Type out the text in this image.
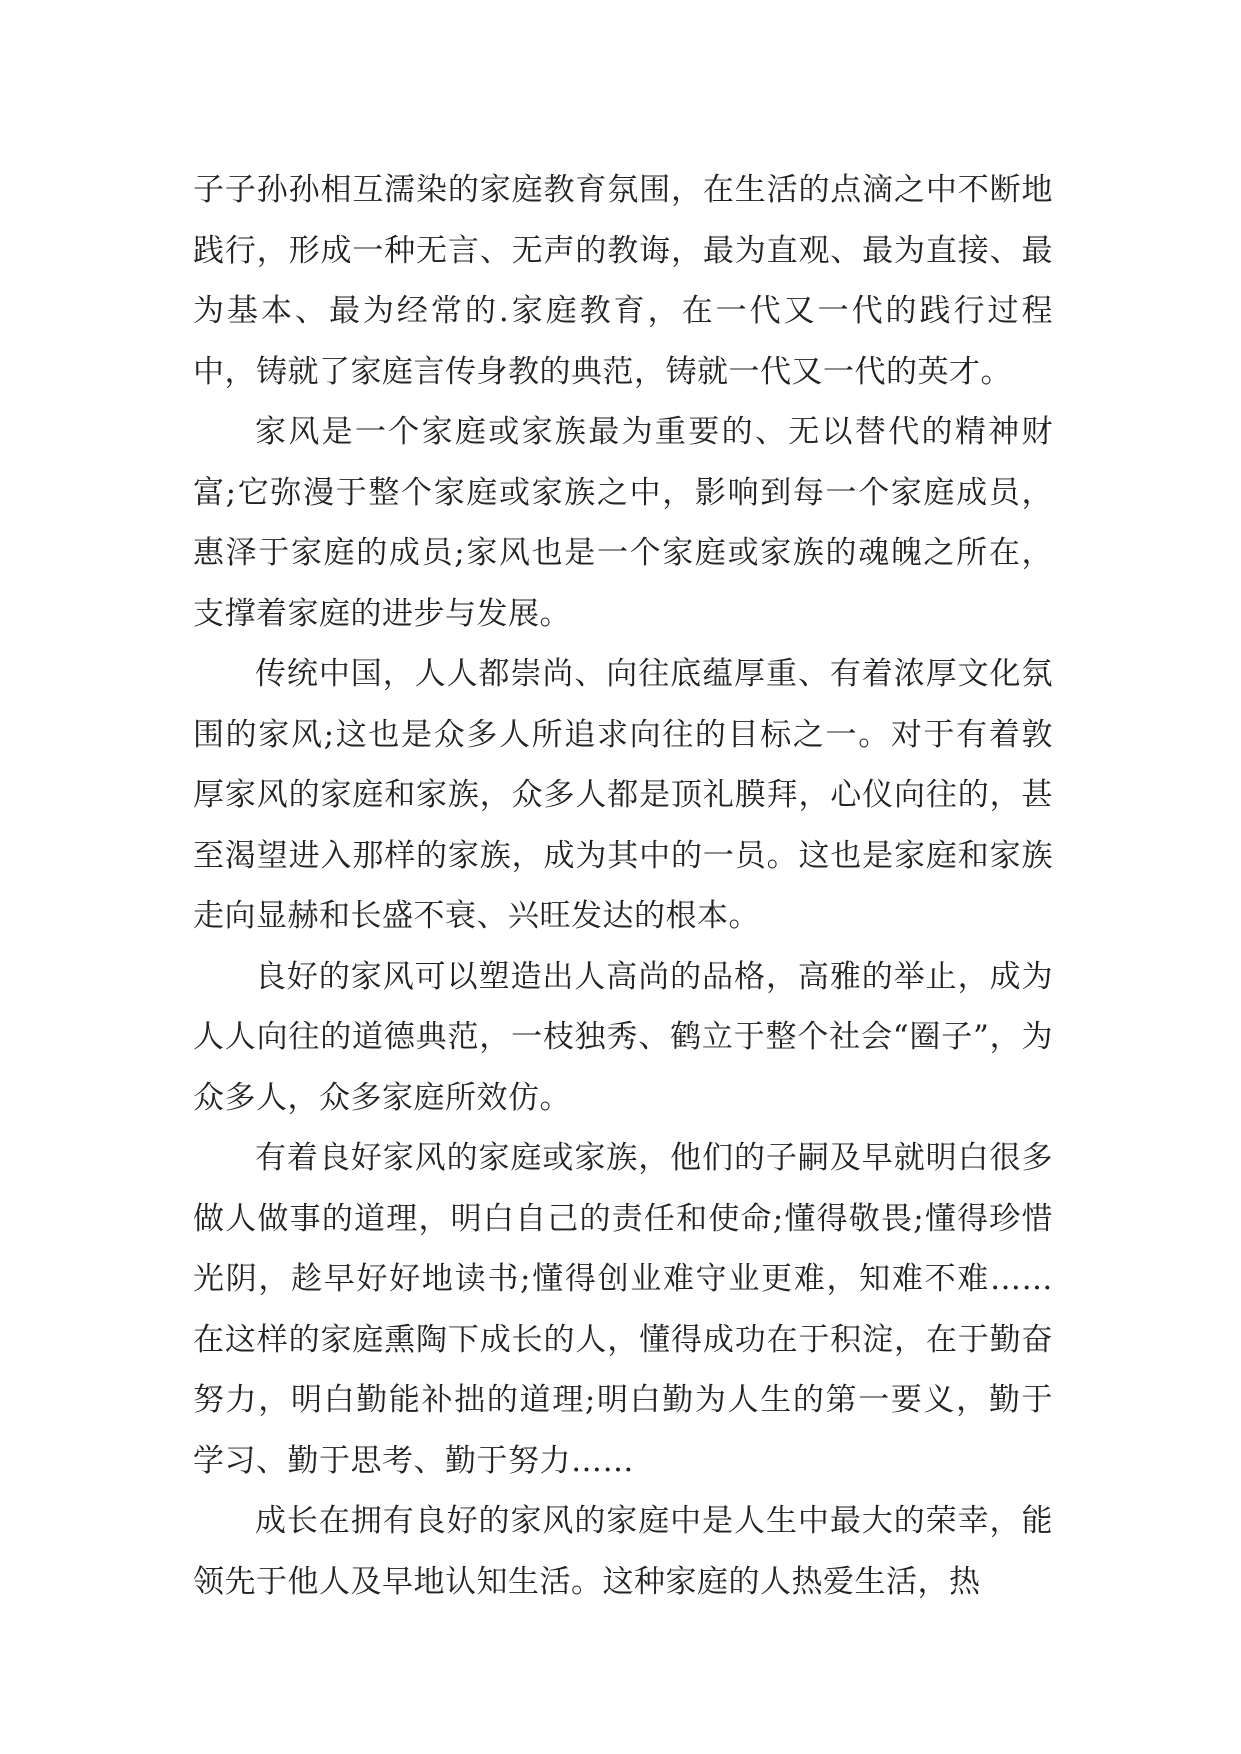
子子孙孙相互濡染的家庭教育氛围，在生活的点滴之中不断地践行，形成一种无言、无声的教诲，最为直观、最为直接、最为基本、最为经常的.家庭教育，在一代又一代的践行过程中，铸就了家庭言传身教的典范，铸就一代又一代的英才。

家风是一个家庭或家族最为重要的、无以替代的精神财富;它弥漫于整个家庭或家族之中，影响到每一个家庭成员，惠泽于家庭的成员;家风也是一个家庭或家族的魂魄之所在，支撑着家庭的进步与发展。

传统中国，人人都崇尚、向往底蕴厚重、有着浓厚文化氛围的家风;这也是众多人所追求向往的目标之一。对于有着敦厚家风的家庭和家族，众多人都是顶礼膜拜，心仪向往的，甚至渴望进入那样的家族，成为其中的一员。这也是家庭和家族走向显赫和长盛不衰、兴旺发达的根本。

良好的家风可以塑造出人高尚的品格，高雅的举止，成为人人向往的道德典范，一枝独秀、鹤立于整个社会“圈子”，为众多人，众多家庭所效仿。

有着良好家风的家庭或家族，他们的子嗣及早就明白很多做人做事的道理，明白自己的责任和使命;懂得敬畏;懂得珍惜光阴，趁早好好地读书;懂得创业难守业更难，知难不难……在这样的家庭熏陶下成长的人，懂得成功在于积淀，在于勤奋努力，明白勤能补拙的道理;明白勤为人生的第一要义，勤于学习、勤于思考、勤于努力……

成长在拥有良好的家风的家庭中是人生中最大的荣幸，能领先于他人及早地认知生活。这种家庭的人热爱生活，热
